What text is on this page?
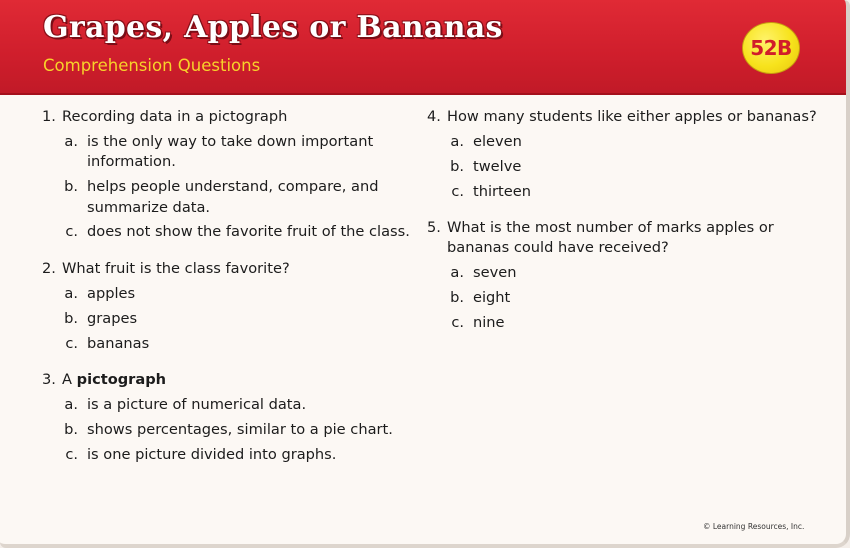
Grapes, Apples or Bananas
Comprehension Questions
52B
1. Recording data in a pictograph
a. is the only way to take down important
information.
b. helps people understand, compare, and
summarize data.
c. does not show the favorite fruit of the class.
2. What fruit is the class favorite?
a. apples
b. grapes
c. bananas
3. A pictograph
a. is a picture of numerical data.
b. shows percentages, similar to a pie chart.
c. is one picture divided into graphs.
4. How many students like either apples or bananas?
a. eleven
b. twelve
c. thirteen
5. What is the most number of marks apples or
bananas could have received?
a. seven
b. eight
c. nine
© Learning Resources, Inc.
